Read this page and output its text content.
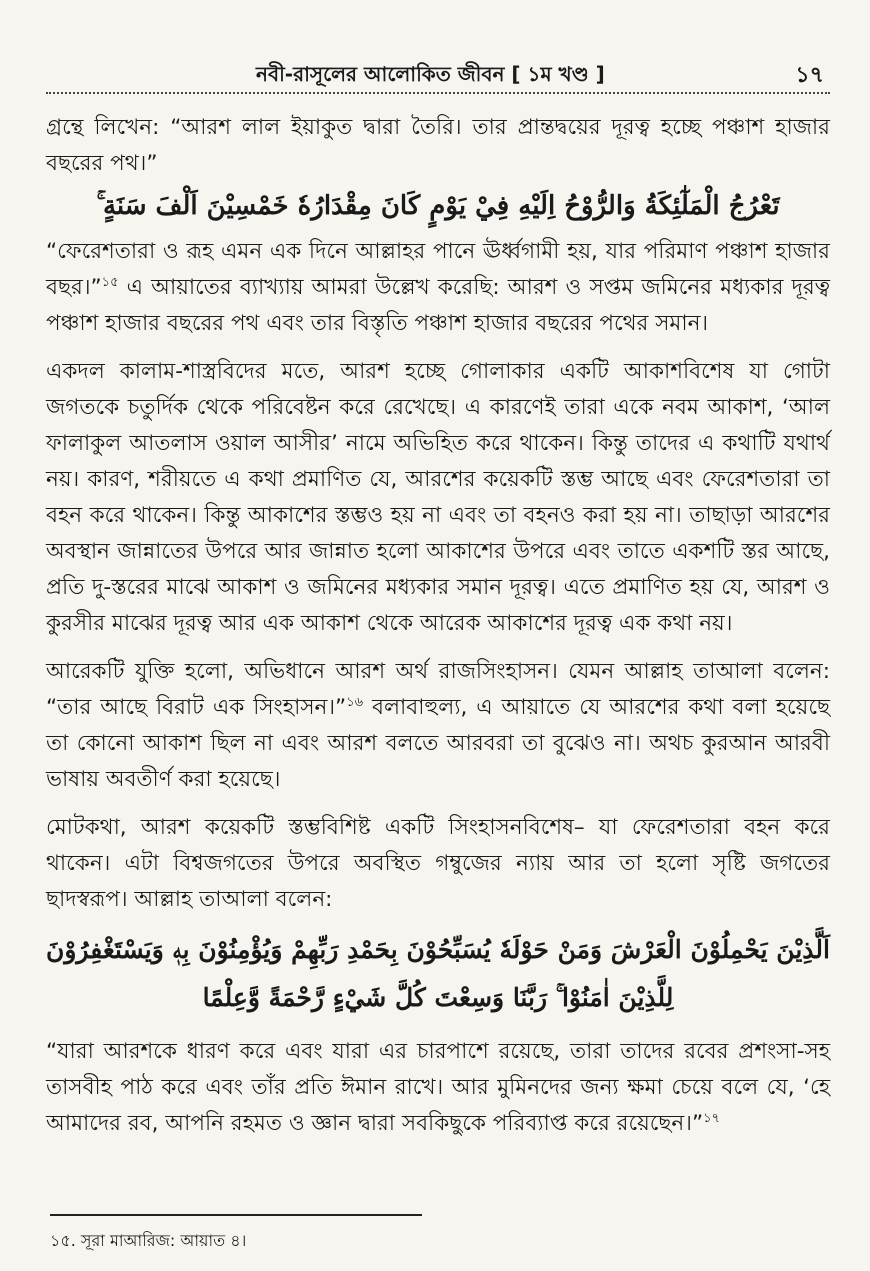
নবী-রাসূলের আলোকিত জীবন [ ১ম খণ্ড ]	১৭

গ্রন্থে লিখেন: “আরশ লাল ইয়াকুত দ্বারা তৈরি। তার প্রান্তদ্বয়ের দূরত্ব হচ্ছে পঞ্চাশ হাজার বছরের পথ।”

تَعْرُجُ الْمَلٰٓئِكَةُ وَالرُّوْحُ اِلَيْهِ فِيْ يَوْمٍ كَانَ مِقْدَارُهٗ خَمْسِيْنَ اَلْفَ سَنَةٍ ۚ

“ফেরেশতারা ও রূহ এমন এক দিনে আল্লাহর পানে ঊর্ধ্বগামী হয়, যার পরিমাণ পঞ্চাশ হাজার বছর।”$^{১৫}$ এ আয়াতের ব্যাখ্যায় আমরা উল্লেখ করেছি: আরশ ও সপ্তম জমিনের মধ্যকার দূরত্ব পঞ্চাশ হাজার বছরের পথ এবং তার বিস্তৃতি পঞ্চাশ হাজার বছরের পথের সমান।

একদল কালাম-শাস্ত্রবিদের মতে, আরশ হচ্ছে গোলাকার একটি আকাশবিশেষ যা গোটা জগতকে চতুর্দিক থেকে পরিবেষ্টন করে রেখেছে। এ কারণেই তারা একে নবম আকাশ, ‘আল ফালাকুল আতলাস ওয়াল আসীর’ নামে অভিহিত করে থাকেন। কিন্তু তাদের এ কথাটি যথার্থ নয়। কারণ, শরীয়তে এ কথা প্রমাণিত যে, আরশের কয়েকটি স্তম্ভ আছে এবং ফেরেশতারা তা বহন করে থাকেন। কিন্তু আকাশের স্তম্ভও হয় না এবং তা বহনও করা হয় না। তাছাড়া আরশের অবস্থান জান্নাতের উপরে আর জান্নাত হলো আকাশের উপরে এবং তাতে একশটি স্তর আছে, প্রতি দু-স্তরের মাঝে আকাশ ও জমিনের মধ্যকার সমান দূরত্ব। এতে প্রমাণিত হয় যে, আরশ ও কুরসীর মাঝের দূরত্ব আর এক আকাশ থেকে আরেক আকাশের দূরত্ব এক কথা নয়।

আরেকটি যুক্তি হলো, অভিধানে আরশ অর্থ রাজসিংহাসন। যেমন আল্লাহ তাআলা বলেন: “তার আছে বিরাট এক সিংহাসন।”$^{১৬}$ বলাবাহুল্য, এ আয়াতে যে আরশের কথা বলা হয়েছে তা কোনো আকাশ ছিল না এবং আরশ বলতে আরবরা তা বুঝেও না। অথচ কুরআন আরবী ভাষায় অবতীর্ণ করা হয়েছে।

মোটকথা, আরশ কয়েকটি স্তম্ভবিশিষ্ট একটি সিংহাসনবিশেষ– যা ফেরেশতারা বহন করে থাকেন। এটা বিশ্বজগতের উপরে অবস্থিত গম্বুজের ন্যায় আর তা হলো সৃষ্টি জগতের ছাদস্বরূপ। আল্লাহ তাআলা বলেন:

اَلَّذِيْنَ يَحْمِلُوْنَ الْعَرْشَ وَمَنْ حَوْلَهٗ يُسَبِّحُوْنَ بِحَمْدِ رَبِّهِمْ وَيُؤْمِنُوْنَ بِهٖ وَيَسْتَغْفِرُوْنَ لِلَّذِيْنَ اٰمَنُوْا ۚ رَبَّنَا وَسِعْتَ كُلَّ شَيْءٍ رَّحْمَةً وَّعِلْمًا

“যারা আরশকে ধারণ করে এবং যারা এর চারপাশে রয়েছে, তারা তাদের রবের প্রশংসা-সহ তাসবীহ পাঠ করে এবং তাঁর প্রতি ঈমান রাখে। আর মুমিনদের জন্য ক্ষমা চেয়ে বলে যে, ‘হে আমাদের রব, আপনি রহমত ও জ্ঞান দ্বারা সবকিছুকে পরিব্যাপ্ত করে রয়েছেন।”$^{১৭}$

১৫. সূরা মাআরিজ: আয়াত ৪।
